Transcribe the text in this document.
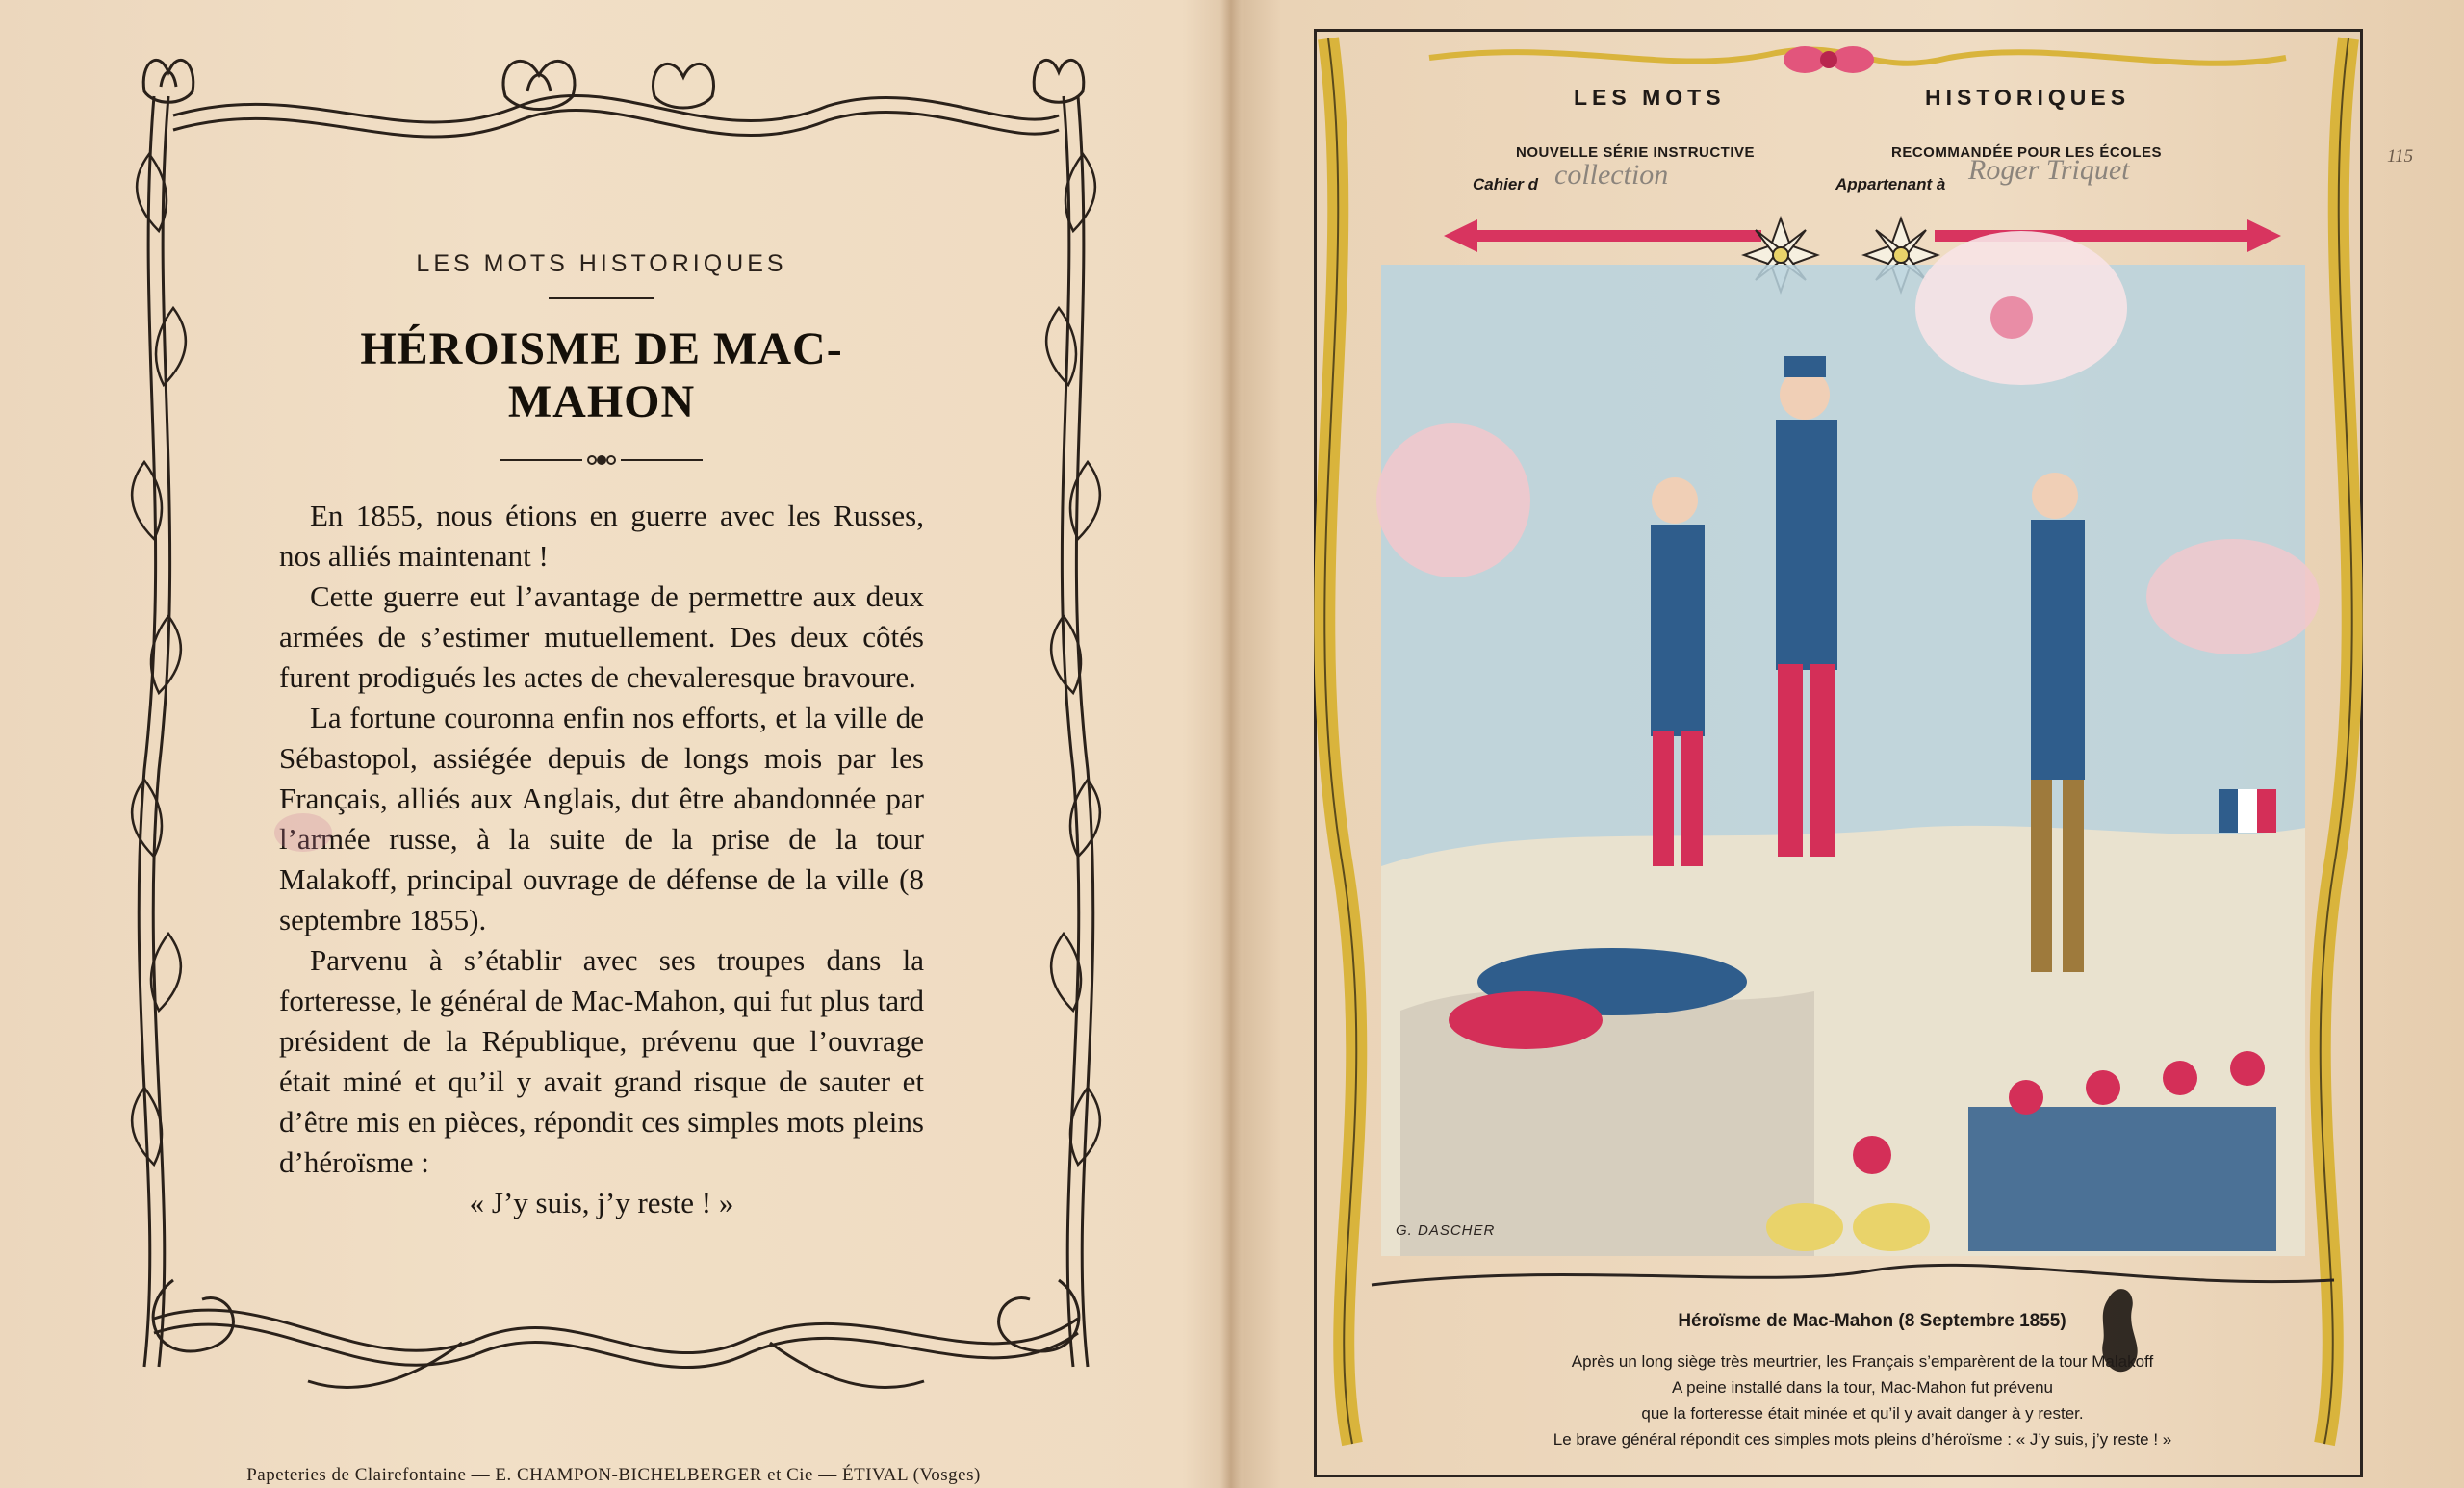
LES MOTS HISTORIQUES
HÉROISME DE MAC-MAHON

En 1855, nous étions en guerre avec les Russes, nos alliés maintenant !

Cette guerre eut l’avantage de permettre aux deux armées de s’estimer mutuellement. Des deux côtés furent prodigués les actes de chevaleresque bravoure.

La fortune couronna enfin nos efforts, et la ville de Sébastopol, assiégée depuis de longs mois par les Français, alliés aux Anglais, dut être abandonnée par l’armée russe, à la suite de la prise de la tour Malakoff, principal ouvrage de défense de la ville (8 septembre 1855).

Parvenu à s’établir avec ses troupes dans la forteresse, le général de Mac-Mahon, qui fut plus tard président de la République, prévenu que l’ouvrage était miné et qu’il y avait grand risque de sauter et d’être mis en pièces, répondit ces simples mots pleins d’héroïsme :

« J’y suis, j’y reste ! »

Papeteries de Clairefontaine — E. CHAMPON-BICHELBERGER et Cie — ÉTIVAL (Vosges)
LES MOTS	HISTORIQUES
NOUVELLE SÉRIE INSTRUCTIVE	RECOMMANDÉE POUR LES ÉCOLES
Cahier d collection	Appartenant à Roger Triquet
G. DASCHER
115
Héroïsme de Mac-Mahon (8 Septembre 1855)
Après un long siège très meurtrier, les Français s’emparèrent de la tour Malakoff
A peine installé dans la tour, Mac-Mahon fut prévenu
que la forteresse était minée et qu’il y avait danger à y rester.
Le brave général répondit ces simples mots pleins d’héroïsme : « J’y suis, j’y reste ! »
